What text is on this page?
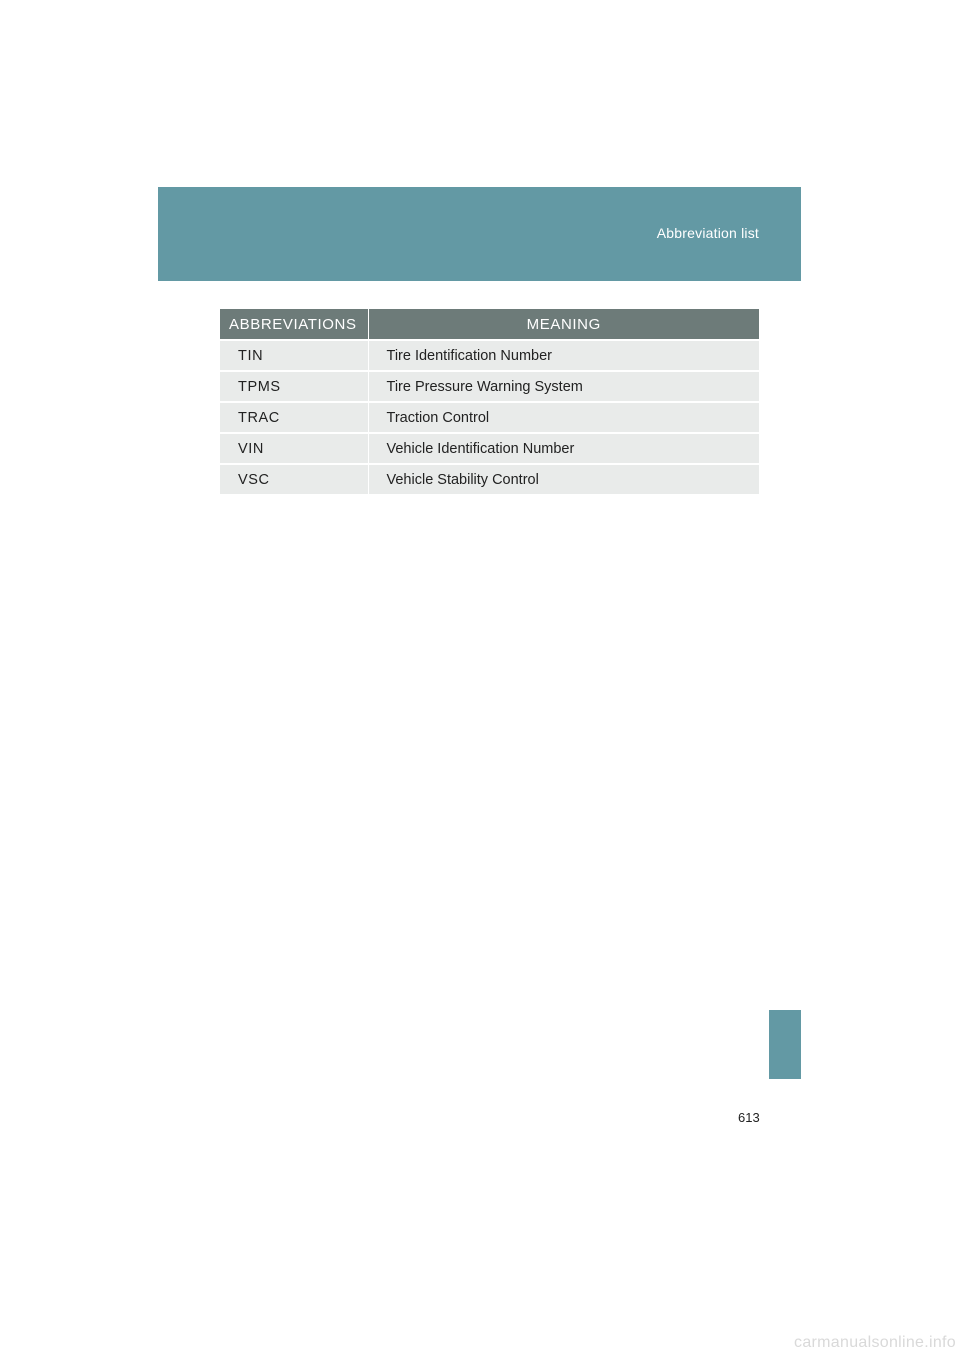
Abbreviation list
ABBREVIATIONS	MEANING
TIN	Tire Identification Number
TPMS	Tire Pressure Warning System
TRAC	Traction Control
VIN	Vehicle Identification Number
VSC	Vehicle Stability Control
613
carmanualsonline.info
